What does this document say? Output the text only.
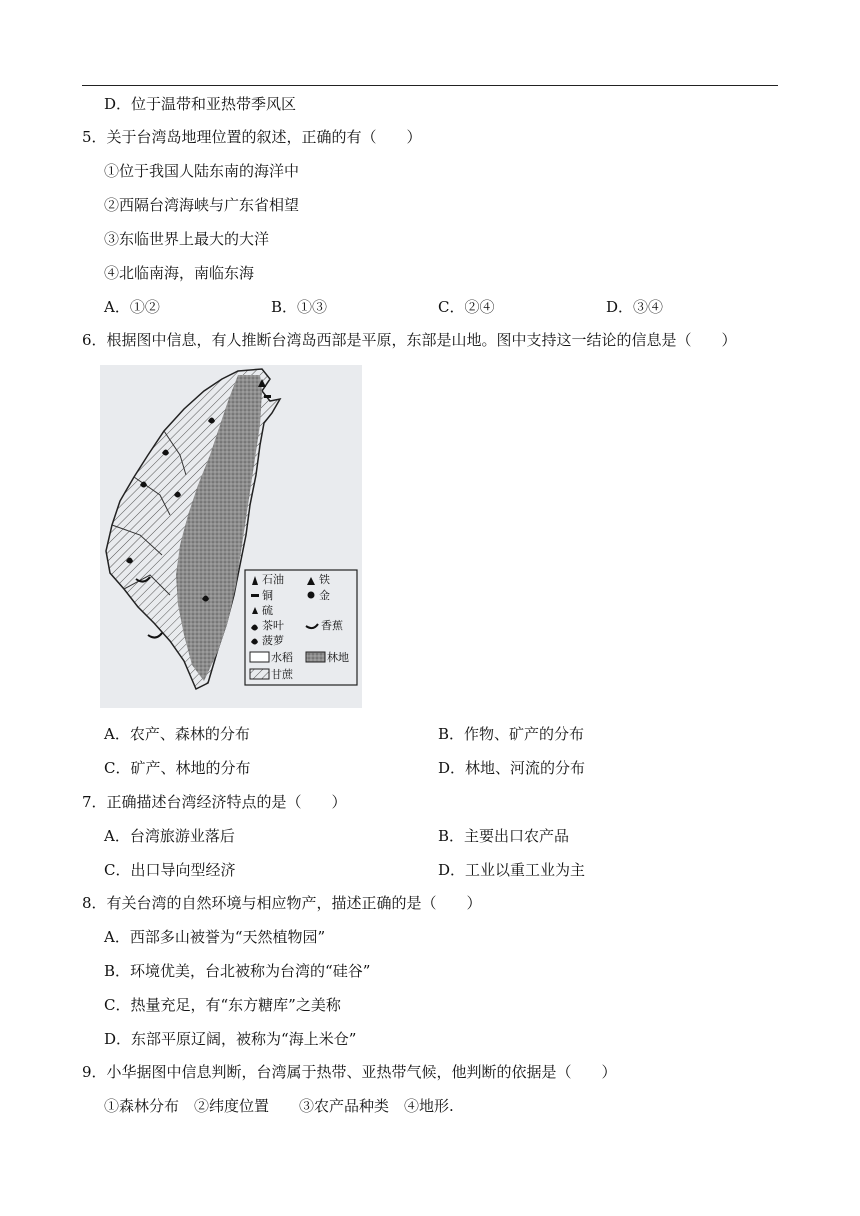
D．位于温带和亚热带季风区
5．关于台湾岛地理位置的叙述，正确的有（　　）
①位于我国人陆东南的海洋中
②西隔台湾海峡与广东省相望
③东临世界上最大的大洋
④北临南海，南临东海
A．①②	B．①③	C．②④	D．③④
6．根据图中信息，有人推断台湾岛西部是平原，东部是山地。图中支持这一结论的信息是（　　）
石油	铁
铜	金
硫
茶叶	香蕉
菠萝
水稻	林地
甘蔗
A．农产、森林的分布	B．作物、矿产的分布
C．矿产、林地的分布	D．林地、河流的分布
7．正确描述台湾经济特点的是（　　）
A．台湾旅游业落后	B．主要出口农产品
C．出口导向型经济	D．工业以重工业为主
8．有关台湾的自然环境与相应物产，描述正确的是（　　）
A．西部多山被誉为“天然植物园”
B．环境优美，台北被称为台湾的“硅谷”
C．热量充足，有“东方糖库”之美称
D．东部平原辽阔，被称为“海上米仓”
9．小华据图中信息判断，台湾属于热带、亚热带气候，他判断的依据是（　　）
①森林分布　②纬度位置　　③农产品种类　④地形.
